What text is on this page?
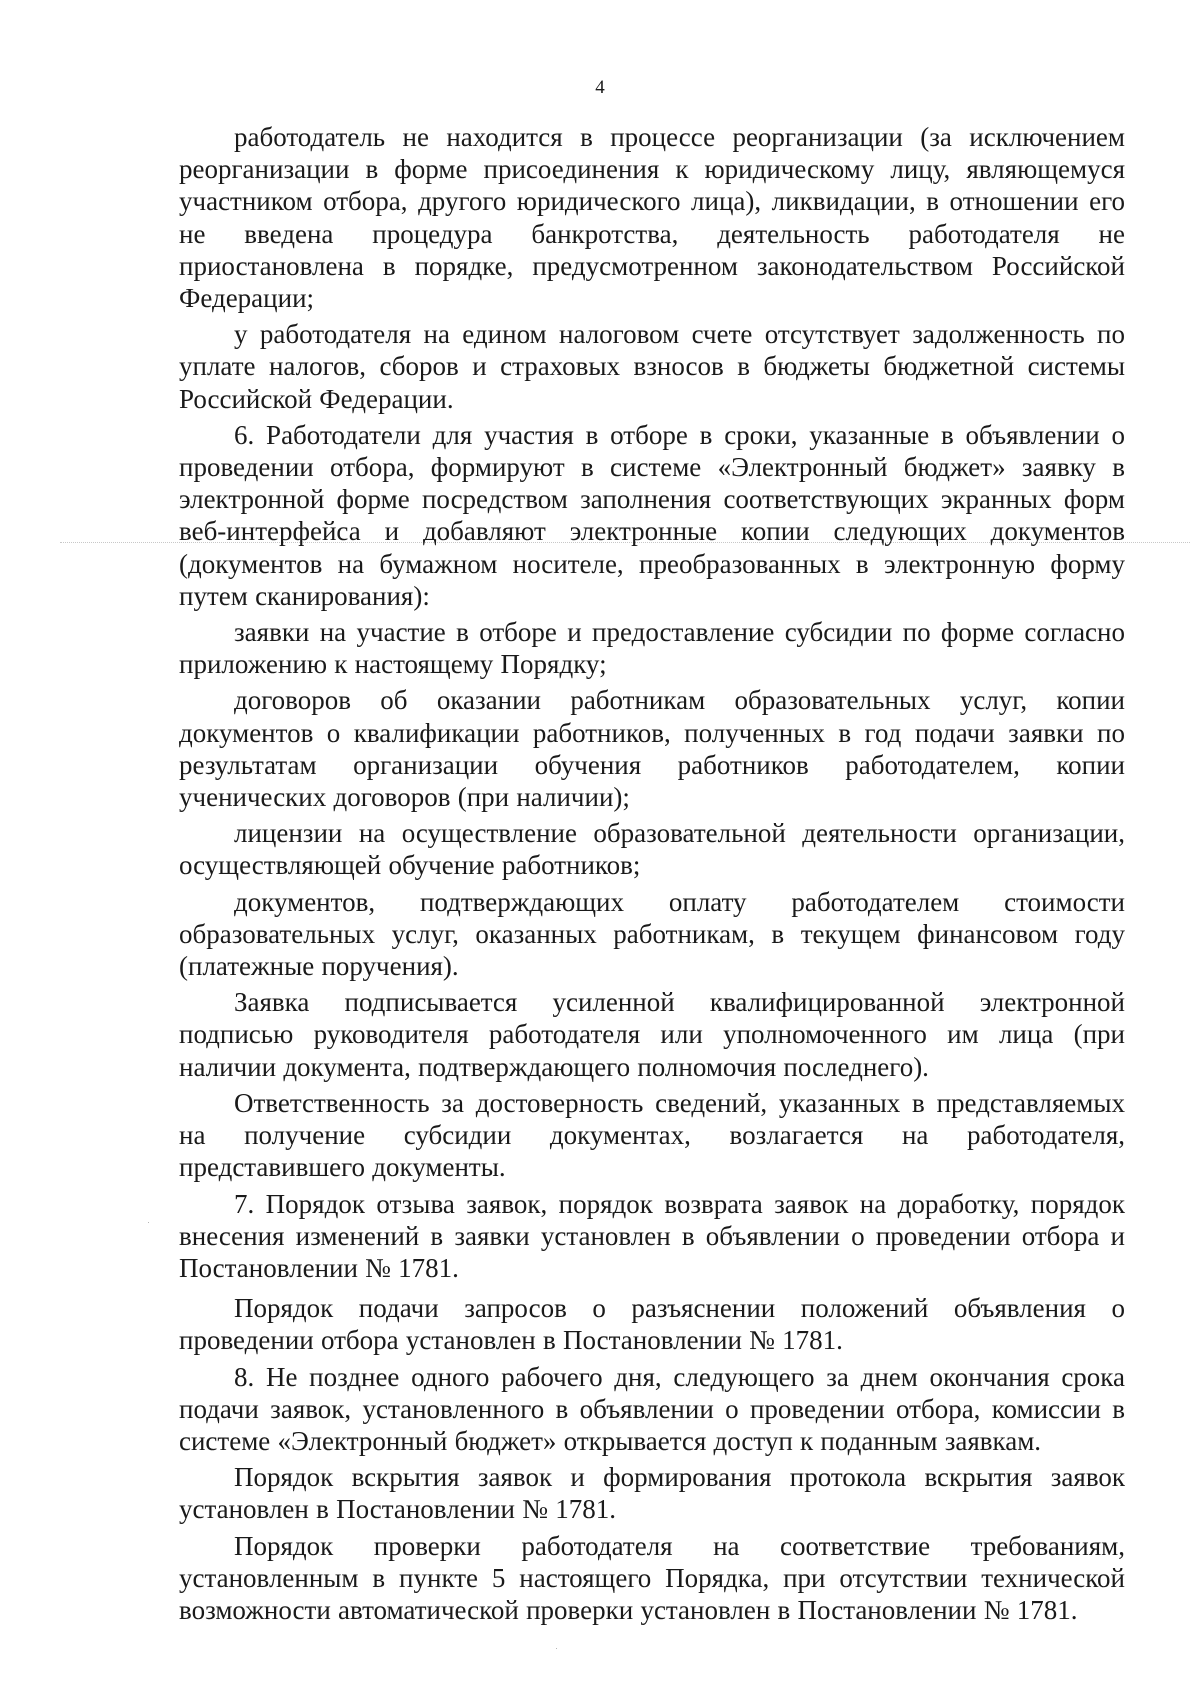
4

работодатель не находится в процессе реорганизации (за исключением реорганизации в форме присоединения к юридическому лицу, являющемуся участником отбора, другого юридического лица), ликвидации, в отношении его не введена процедура банкротства, деятельность работодателя не приостановлена в порядке, предусмотренном законодательством Российской Федерации;

у работодателя на едином налоговом счете отсутствует задолженность по уплате налогов, сборов и страховых взносов в бюджеты бюджетной системы Российской Федерации.

6. Работодатели для участия в отборе в сроки, указанные в объявлении о проведении отбора, формируют в системе «Электронный бюджет» заявку в электронной форме посредством заполнения соответствующих экранных форм веб-интерфейса и добавляют электронные копии следующих документов (документов на бумажном носителе, преобразованных в электронную форму путем сканирования):

заявки на участие в отборе и предоставление субсидии по форме согласно приложению к настоящему Порядку;

договоров об оказании работникам образовательных услуг, копии документов о квалификации работников, полученных в год подачи заявки по результатам организации обучения работников работодателем, копии ученических договоров (при наличии);

лицензии на осуществление образовательной деятельности организации, осуществляющей обучение работников;

документов, подтверждающих оплату работодателем стоимости образовательных услуг, оказанных работникам, в текущем финансовом году (платежные поручения).

Заявка подписывается усиленной квалифицированной электронной подписью руководителя работодателя или уполномоченного им лица (при наличии документа, подтверждающего полномочия последнего).

Ответственность за достоверность сведений, указанных в представляемых на получение субсидии документах, возлагается на работодателя, представившего документы.

7. Порядок отзыва заявок, порядок возврата заявок на доработку, порядок внесения изменений в заявки установлен в объявлении о проведении отбора и Постановлении № 1781.

Порядок подачи запросов о разъяснении положений объявления о проведении отбора установлен в Постановлении № 1781.

8. Не позднее одного рабочего дня, следующего за днем окончания срока подачи заявок, установленного в объявлении о проведении отбора, комиссии в системе «Электронный бюджет» открывается доступ к поданным заявкам.

Порядок вскрытия заявок и формирования протокола вскрытия заявок установлен в Постановлении № 1781.

Порядок проверки работодателя на соответствие требованиям, установленным в пункте 5 настоящего Порядка, при отсутствии технической возможности автоматической проверки установлен в Постановлении № 1781.
